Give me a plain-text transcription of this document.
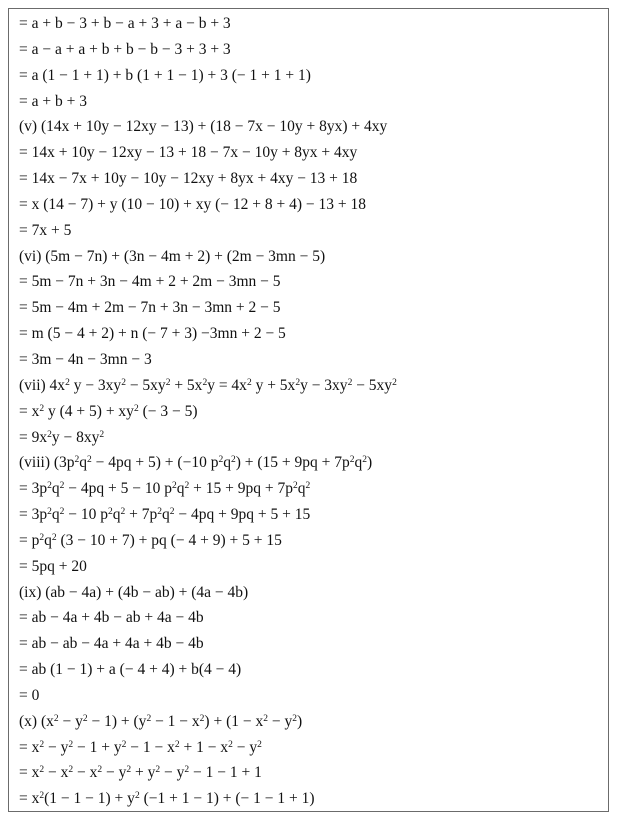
= a + b − 3 + b − a + 3 + a − b + 3
= a − a + a + b + b − b − 3 + 3 + 3
= a (1 − 1 + 1) + b (1 + 1 − 1) + 3 (− 1 + 1 + 1)
= a + b + 3
(v) (14x + 10y − 12xy − 13) + (18 − 7x − 10y + 8yx) + 4xy
= 14x + 10y − 12xy − 13 + 18 − 7x − 10y + 8yx + 4xy
= 14x − 7x + 10y − 10y − 12xy + 8yx + 4xy − 13 + 18
= x (14 − 7) + y (10 − 10) + xy (− 12 + 8 + 4) − 13 + 18
= 7x + 5
(vi) (5m − 7n) + (3n − 4m + 2) + (2m − 3mn − 5)
= 5m − 7n + 3n − 4m + 2 + 2m − 3mn − 5
= 5m − 4m + 2m − 7n + 3n − 3mn + 2 − 5
= m (5 − 4 + 2) + n (− 7 + 3) −3mn + 2 − 5
= 3m − 4n − 3mn − 3
(vii) $4x^2$ $y - 3xy^2 - 5xy^2 + 5x^2y = 4x^2$ $y + 5x^2y - 3xy^2 - 5xy^2$
= $x^2$ y $(4 + 5) + xy^2$ (− 3 − 5)
= $9x^2y - 8xy^2$
(viii) $(3p^2q^2 - 4pq + 5) + (-10$ $p^2q^2) + (15 + 9pq + 7p^2q^2)$
= $3p^2q^2 - 4pq + 5 - 10$ $p^2q^2 + 15 + 9pq + 7p^2q^2$
= $3p^2q^2 - 10$ $p^2q^2 + 7p^2q^2 - 4pq + 9pq + 5 + 15$
= $p^2q^2$ (3 − 10 + 7) + pq (− 4 + 9) + 5 + 15
= 5pq + 20
(ix) (ab − 4a) + (4b − ab) + (4a − 4b)
= ab − 4a + 4b − ab + 4a − 4b
= ab − ab − 4a + 4a + 4b − 4b
= ab (1 − 1) + a (− 4 + 4) + b(4 − 4)
= 0
(x) $(x^2 - y^2 - 1) + (y^2 - 1 - x^2) + (1 - x^2 - y^2)$
= $x^2 - y^2 - 1 + y^2 - 1 - x^2 + 1 - x^2 - y^2$
= $x^2 - x^2 - x^2 - y^2 + y^2 - y^2 - 1 - 1 + 1$
= $x^2(1 - 1 - 1) + y^2$ (−1 + 1 − 1) + (− 1 − 1 + 1)
